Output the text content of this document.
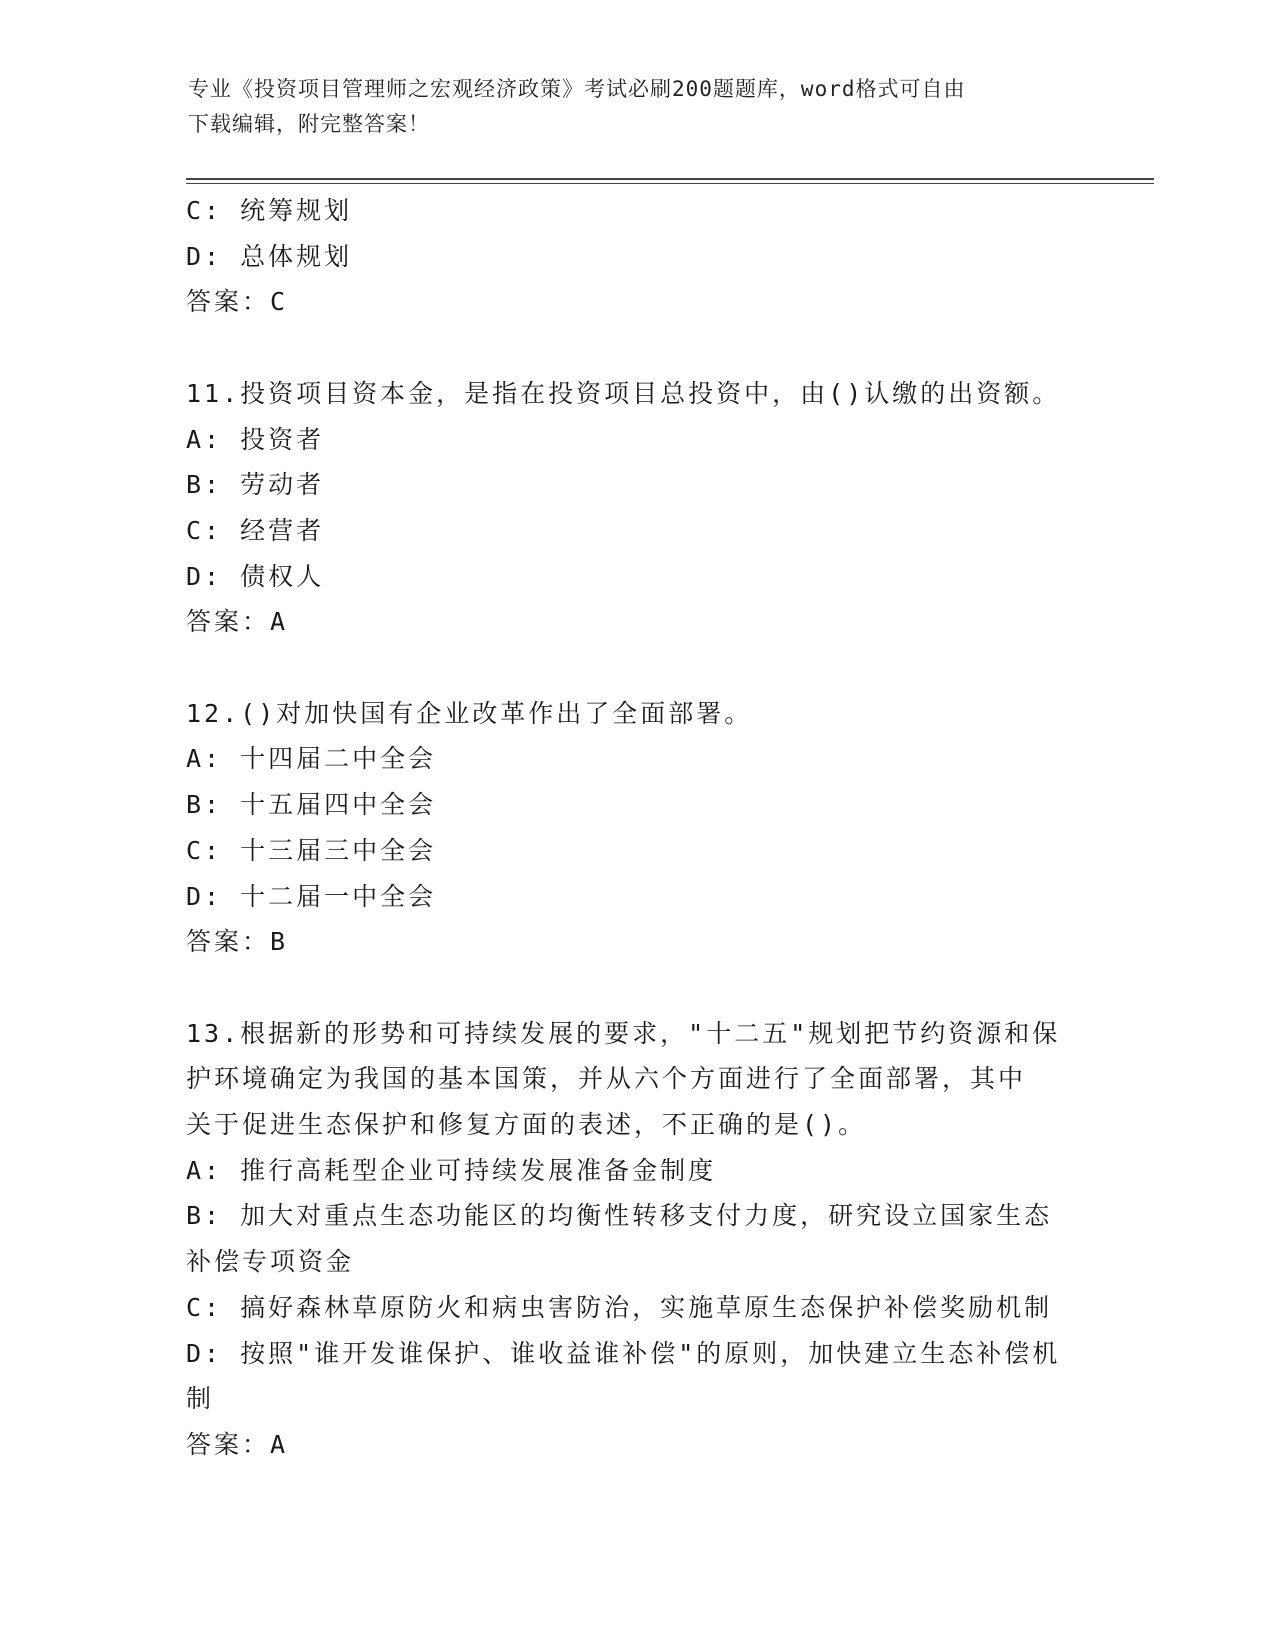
专业《投资项目管理师之宏观经济政策》考试必刷200题题库，word格式可自由
下载编辑，附完整答案！
C: 统筹规划
D: 总体规划
答案：C
11.投资项目资本金，是指在投资项目总投资中，由()认缴的出资额。
A: 投资者
B: 劳动者
C: 经营者
D: 债权人
答案：A
12.()对加快国有企业改革作出了全面部署。
A: 十四届二中全会
B: 十五届四中全会
C: 十三届三中全会
D: 十二届一中全会
答案：B
13.根据新的形势和可持续发展的要求，"十二五"规划把节约资源和保
护环境确定为我国的基本国策，并从六个方面进行了全面部署，其中
关于促进生态保护和修复方面的表述，不正确的是()。
A: 推行高耗型企业可持续发展准备金制度
B: 加大对重点生态功能区的均衡性转移支付力度，研究设立国家生态
补偿专项资金
C: 搞好森林草原防火和病虫害防治，实施草原生态保护补偿奖励机制
D: 按照"谁开发谁保护、谁收益谁补偿"的原则，加快建立生态补偿机
制
答案：A
